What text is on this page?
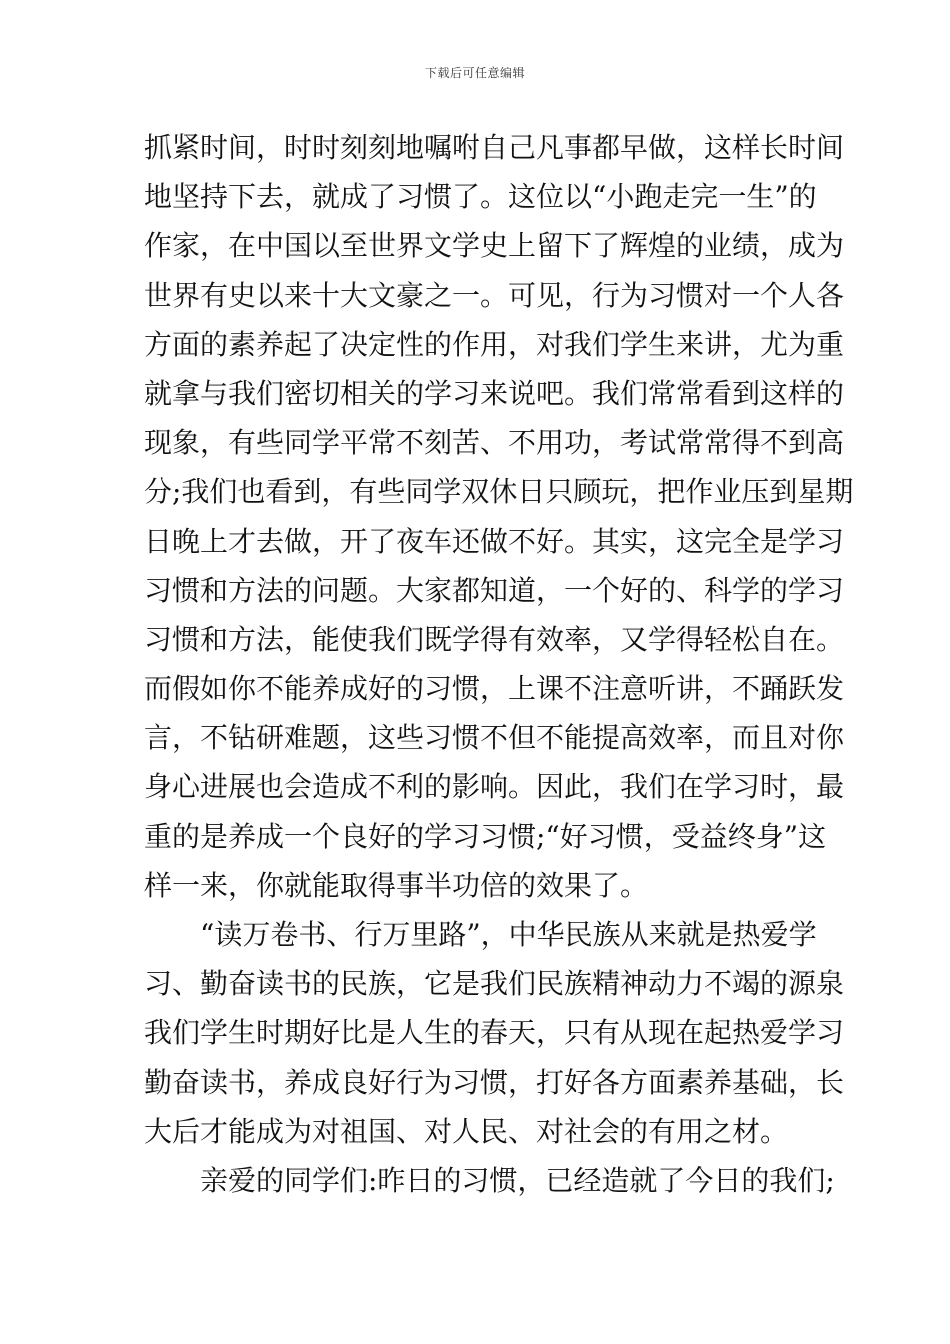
下载后可任意编辑
抓紧时间，时时刻刻地嘱咐自己凡事都早做，这样长时间
地坚持下去，就成了习惯了。这位以“小跑走完一生”的
作家，在中国以至世界文学史上留下了辉煌的业绩，成为
世界有史以来十大文豪之一。可见，行为习惯对一个人各
方面的素养起了决定性的作用，对我们学生来讲，尤为重
就拿与我们密切相关的学习来说吧。我们常常看到这样的
现象，有些同学平常不刻苦、不用功，考试常常得不到高
分;我们也看到，有些同学双休日只顾玩，把作业压到星期
日晚上才去做，开了夜车还做不好。其实，这完全是学习
习惯和方法的问题。大家都知道，一个好的、科学的学习
习惯和方法，能使我们既学得有效率，又学得轻松自在。
而假如你不能养成好的习惯，上课不注意听讲，不踊跃发
言，不钻研难题，这些习惯不但不能提高效率，而且对你
身心进展也会造成不利的影响。因此，我们在学习时，最
重的是养成一个良好的学习习惯;“好习惯，受益终身”这
样一来，你就能取得事半功倍的效果了。
“读万卷书、行万里路”，中华民族从来就是热爱学
习、勤奋读书的民族，它是我们民族精神动力不竭的源泉
我们学生时期好比是人生的春天，只有从现在起热爱学习
勤奋读书，养成良好行为习惯，打好各方面素养基础，长
大后才能成为对祖国、对人民、对社会的有用之材。
亲爱的同学们:昨日的习惯，已经造就了今日的我们;
